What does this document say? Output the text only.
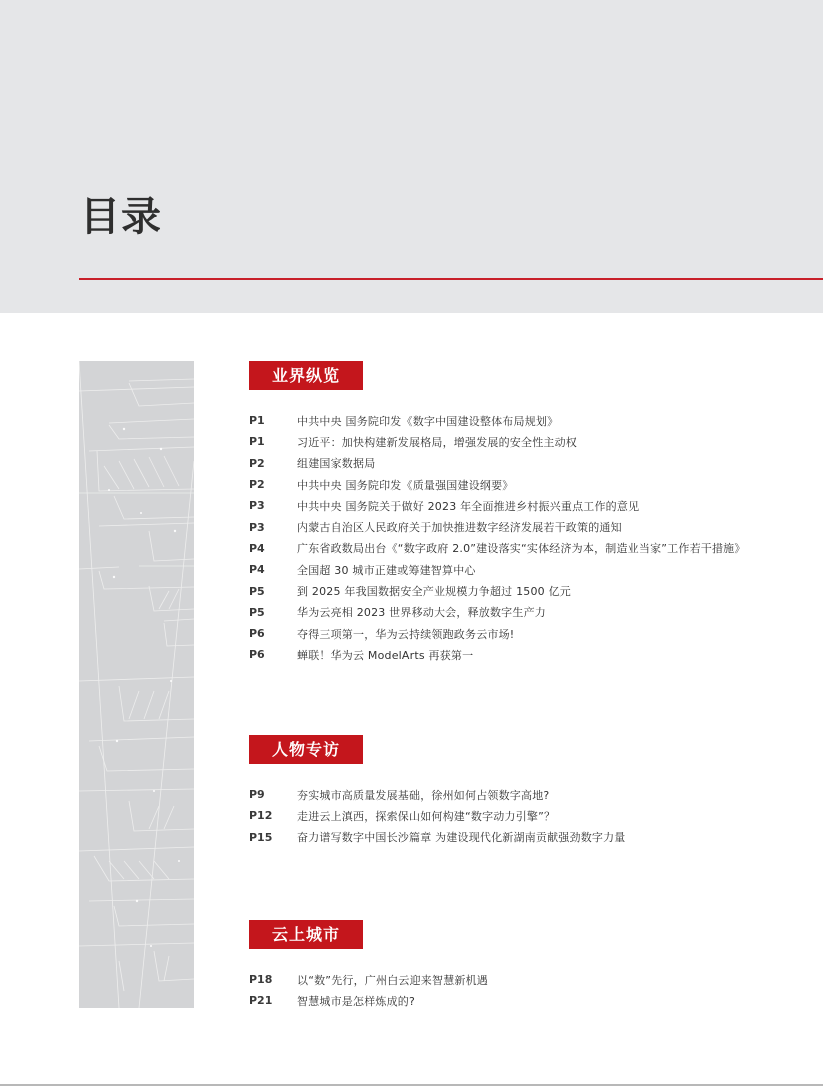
目录
业界纵览
P1	中共中央 国务院印发《数字中国建设整体布局规划》
P1	习近平：加快构建新发展格局，增强发展的安全性主动权
P2	组建国家数据局
P2	中共中央 国务院印发《质量强国建设纲要》
P3	中共中央 国务院关于做好 2023 年全面推进乡村振兴重点工作的意见
P3	内蒙古自治区人民政府关于加快推进数字经济发展若干政策的通知
P4	广东省政数局出台《“数字政府 2.0”建设落实“实体经济为本，制造业当家”工作若干措施》
P4	全国超 30 城市正建或筹建智算中心
P5	到 2025 年我国数据安全产业规模力争超过 1500 亿元
P5	华为云亮相 2023 世界移动大会，释放数字生产力
P6	夺得三项第一，华为云持续领跑政务云市场!
P6	蝉联！华为云 ModelArts 再获第一
人物专访
P9	夯实城市高质量发展基础，徐州如何占领数字高地?
P12	走进云上滇西，探索保山如何构建“数字动力引擎”？
P15	奋力谱写数字中国长沙篇章 为建设现代化新湖南贡献强劲数字力量
云上城市
P18	以“数”先行，广州白云迎来智慧新机遇
P21	智慧城市是怎样炼成的?
